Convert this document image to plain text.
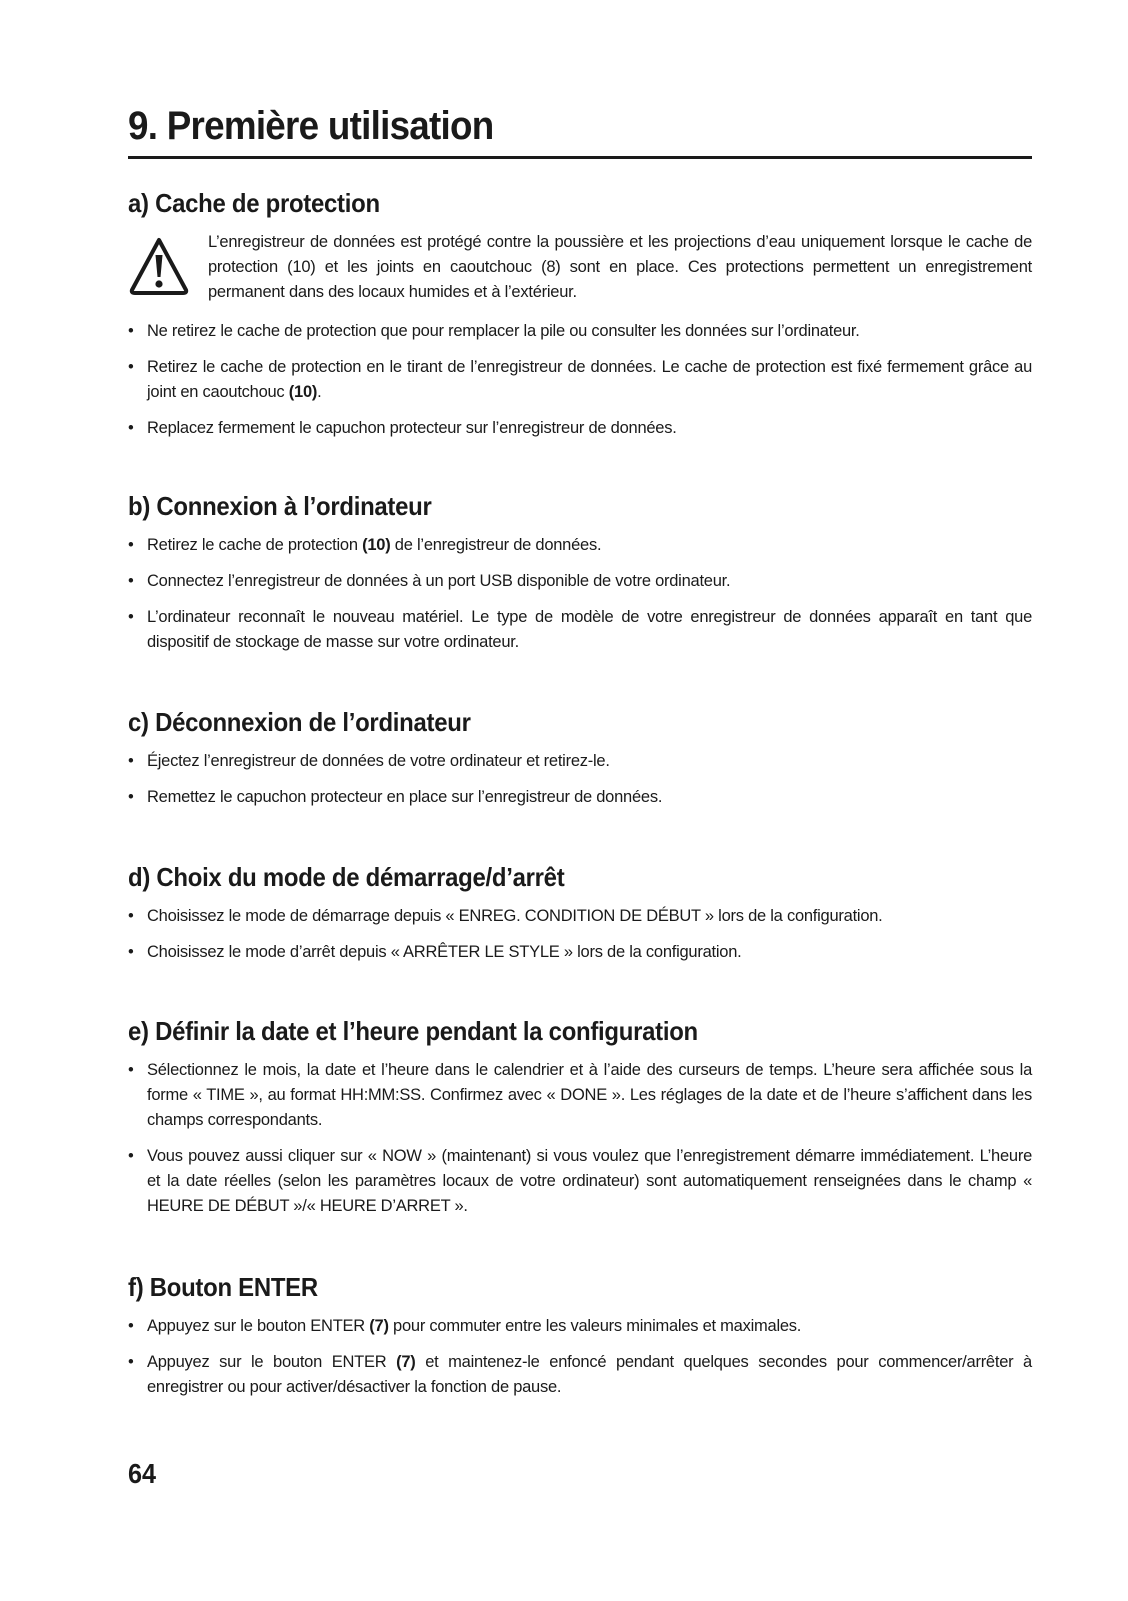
9. Première utilisation
a) Cache de protection

L’enregistreur de données est protégé contre la poussière et les projections d’eau uniquement lorsque le cache de protection (10) et les joints en caoutchouc (8) sont en place. Ces protections permettent un enregistrement permanent dans des locaux humides et à l’extérieur.

• Ne retirez le cache de protection que pour remplacer la pile ou consulter les données sur l’ordinateur.
• Retirez le cache de protection en le tirant de l’enregistreur de données. Le cache de protection est fixé fermement grâce au joint en caoutchouc (10).
• Replacez fermement le capuchon protecteur sur l’enregistreur de données.
b) Connexion à l’ordinateur
• Retirez le cache de protection (10) de l’enregistreur de données.
• Connectez l’enregistreur de données à un port USB disponible de votre ordinateur.
• L’ordinateur reconnaît le nouveau matériel. Le type de modèle de votre enregistreur de données apparaît en tant que dispositif de stockage de masse sur votre ordinateur.
c) Déconnexion de l’ordinateur
• Éjectez l’enregistreur de données de votre ordinateur et retirez-le.
• Remettez le capuchon protecteur en place sur l’enregistreur de données.
d) Choix du mode de démarrage/d’arrêt
• Choisissez le mode de démarrage depuis « ENREG. CONDITION DE DÉBUT » lors de la configuration.
• Choisissez le mode d’arrêt depuis « ARRÊTER LE STYLE » lors de la configuration.
e) Définir la date et l’heure pendant la configuration
• Sélectionnez le mois, la date et l’heure dans le calendrier et à l’aide des curseurs de temps. L’heure sera affichée sous la forme « TIME », au format HH:MM:SS. Confirmez avec « DONE ». Les réglages de la date et de l’heure s’affichent dans les champs correspondants.
• Vous pouvez aussi cliquer sur « NOW » (maintenant) si vous voulez que l’enregistrement démarre immédiatement. L’heure et la date réelles (selon les paramètres locaux de votre ordinateur) sont automatiquement renseignées dans le champ « HEURE DE DÉBUT »/« HEURE D’ARRET ».
f) Bouton ENTER
• Appuyez sur le bouton ENTER (7) pour commuter entre les valeurs minimales et maximales.
• Appuyez sur le bouton ENTER (7) et maintenez-le enfoncé pendant quelques secondes pour commencer/arrêter à enregistrer ou pour activer/désactiver la fonction de pause.
64
